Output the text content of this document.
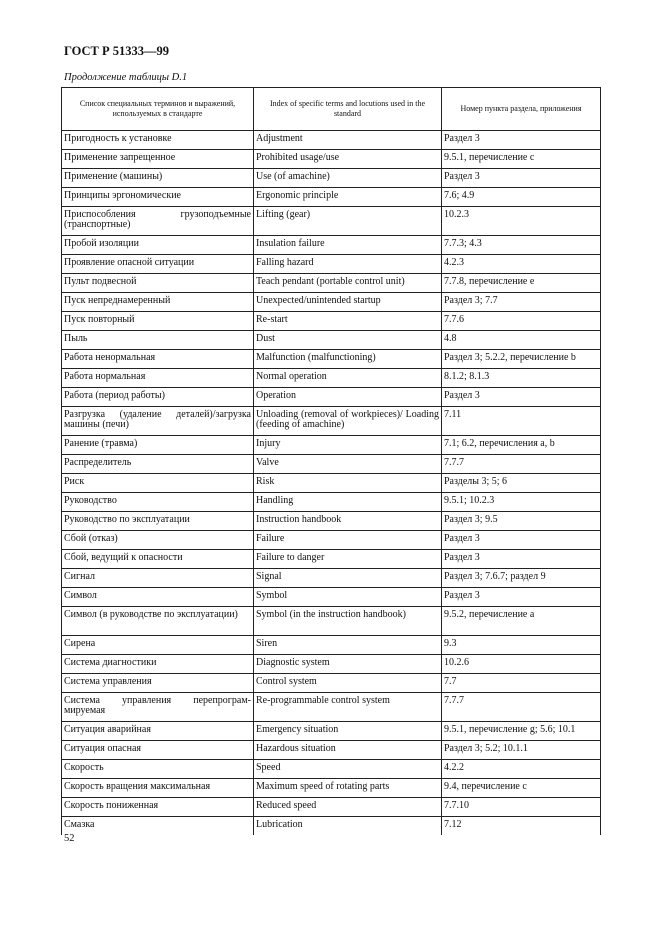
ГОСТ Р 51333—99
Продолжение таблицы D.1
Список специальных терминов и выражений, используемых в стандарте	Index of specific terms and locutions used in the standard	Номер пункта раздела, приложения
Пригодность к установке	Adjustment	Раздел 3
Применение запрещенное	Prohibited usage/use	9.5.1, перечисление с
Применение (машины)	Use (of amachine)	Раздел 3
Принципы эргономические	Ergonomic principle	7.6; 4.9
Приспособления грузоподъемные (транспортные)	Lifting (gear)	10.2.3
Пробой изоляции	Insulation failure	7.7.3; 4.3
Проявление опасной ситуации	Falling hazard	4.2.3
Пульт подвесной	Teach pendant (portable control unit)	7.7.8, перечисление е
Пуск непреднамеренный	Unexpected/unintended startup	Раздел 3; 7.7
Пуск повторный	Re-start	7.7.6
Пыль	Dust	4.8
Работа ненормальная	Malfunction (malfunctioning)	Раздел 3; 5.2.2, перечисление b
Работа нормальная	Normal operation	8.1.2; 8.1.3
Работа (период работы)	Operation	Раздел 3
Разгрузка (удаление деталей)/загрузка машины (печи)	Unloading (removal of workpieces)/ Loading (feeding of amachine)	7.11
Ранение (травма)	Injury	7.1; 6.2, перечисления a, b
Распределитель	Valve	7.7.7
Риск	Risk	Разделы 3; 5; 6
Руководство	Handling	9.5.1; 10.2.3
Руководство по эксплуатации	Instruction handbook	Раздел 3; 9.5
Сбой (отказ)	Failure	Раздел 3
Сбой, ведущий к опасности	Failure to danger	Раздел 3
Сигнал	Signal	Раздел 3; 7.6.7; раздел 9
Символ	Symbol	Раздел 3
Символ (в руководстве по эксплуатации)	Symbol (in the instruction handbook)	9.5.2, перечисление а
Сирена	Siren	9.3
Система диагностики	Diagnostic system	10.2.6
Система управления	Control system	7.7
Система управления перепрограм- мируемая	Re-programmable control system	7.7.7
Ситуация аварийная	Emergency situation	9.5.1, перечисление g; 5.6; 10.1
Ситуация опасная	Hazardous situation	Раздел 3; 5.2; 10.1.1
Скорость	Speed	4.2.2
Скорость вращения максимальная	Maximum speed of rotating parts	9.4, перечисление с
Скорость пониженная	Reduced speed	7.7.10
Смазка	Lubrication	7.12
52
